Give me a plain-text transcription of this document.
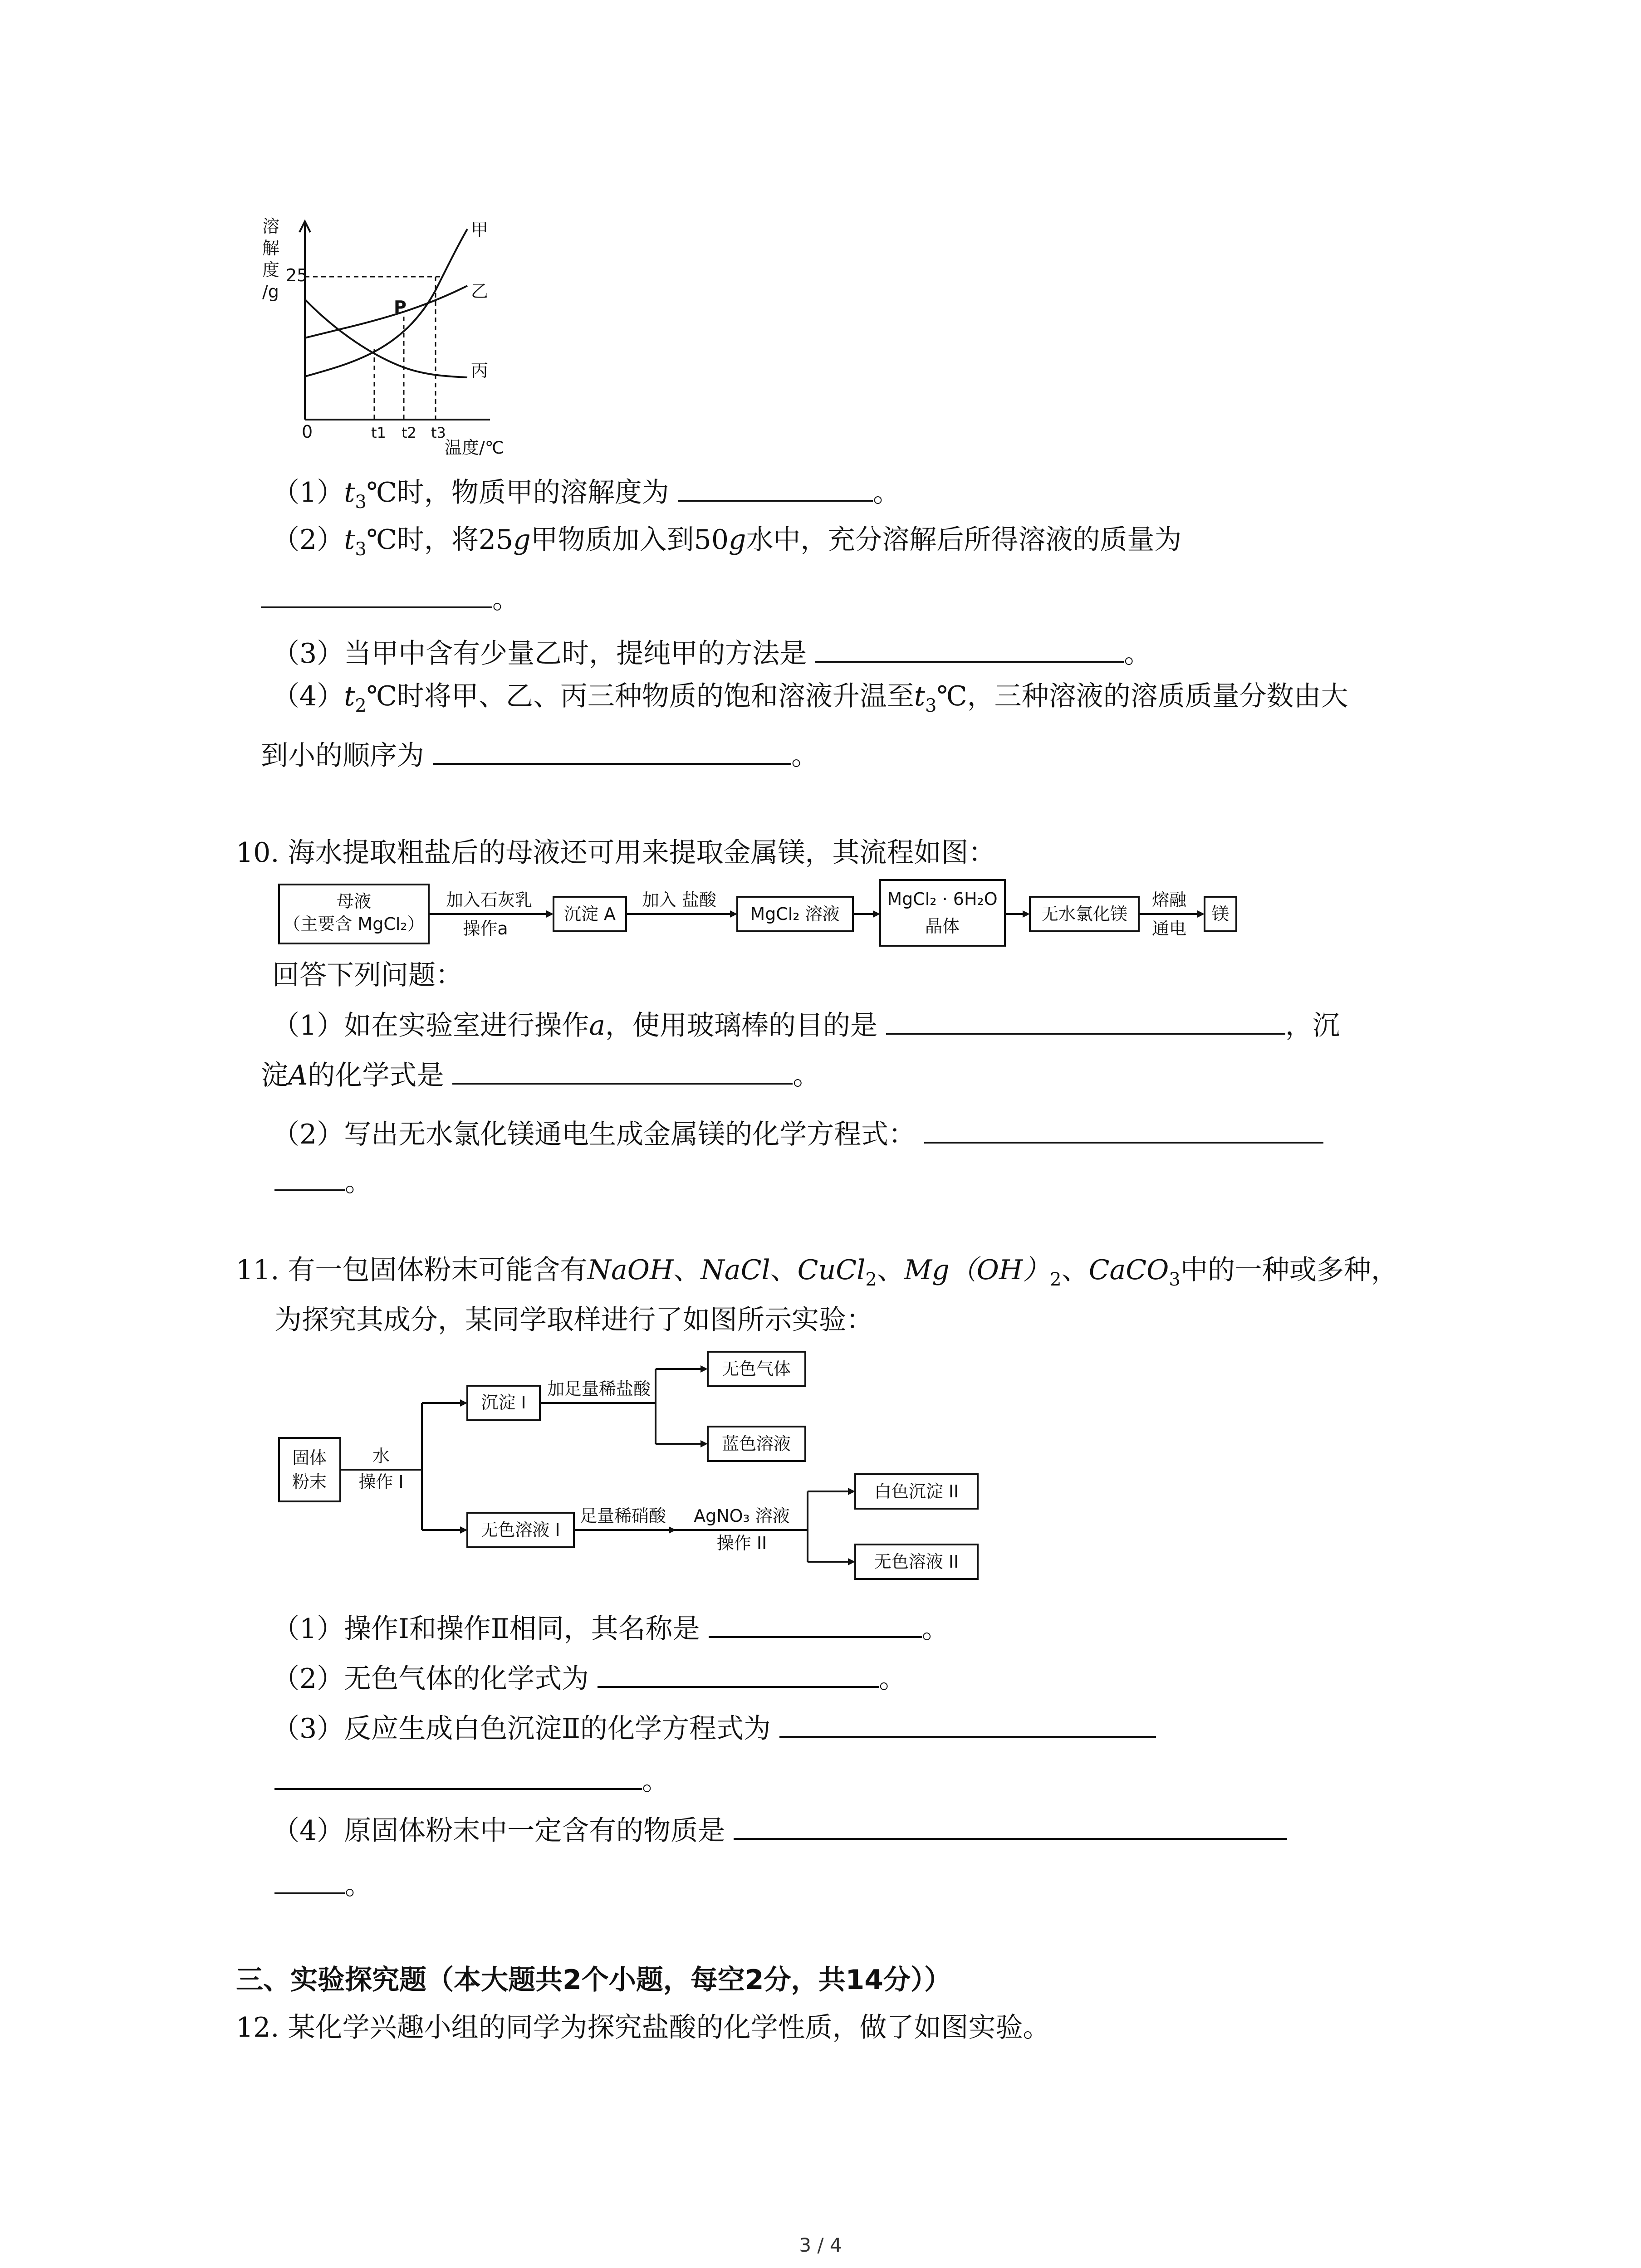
溶
解
度
/g
25
0	t1 t2 t3
温度/℃
P
甲
乙
丙
$(1)t_3℃$时，物质甲的溶解度为	。
$(2)t_3℃$时，将25g甲物质加入到50g水中，充分溶解后所得溶液的质量为
。
（3）当甲中含有少量乙时，提纯甲的方法是	。
$(4)t_2℃$时将甲、乙、丙三种物质的饱和溶液升温至$t_3℃$，三种溶液的溶质质量分数由大
到小的顺序为	。
10. 海水提取粗盐后的母液还可用来提取金属镁，其流程如图：
母液
（主要含 MgCl₂）
加入石灰乳
操作a
沉淀 A
加入 盐酸
MgCl₂ 溶液
MgCl₂ · 6H₂O
晶体
无水氯化镁
熔融
通电
镁
回答下列问题：
（1）如在实验室进行操作a，使用玻璃棒的目的是	，沉
淀A的化学式是	。
（2）写出无水氯化镁通电生成金属镁的化学方程式：
。
11. 有一包固体粉末可能含有NaOH、NaCl、CuCl$_2$、$Mg(OH)_2$、CaCO$_3$中的一种或多种，
为探究其成分，某同学取样进行了如图所示实验：
固体
粉末
水
操作 I
沉淀 I
加足量稀盐酸
无色气体
蓝色溶液
无色溶液 I
足量稀硝酸 AgNO₃ 溶液
操作 II
白色沉淀 II
无色溶液 II
（1）操作Ⅰ和操作Ⅱ相同，其名称是	。
（2）无色气体的化学式为	。
（3）反应生成白色沉淀Ⅱ的化学方程式为
。
（4）原固体粉末中一定含有的物质是
。
三、实验探究题（本大题共2个小题，每空2分，共14分））
12. 某化学兴趣小组的同学为探究盐酸的化学性质，做了如图实验。
3 / 4
